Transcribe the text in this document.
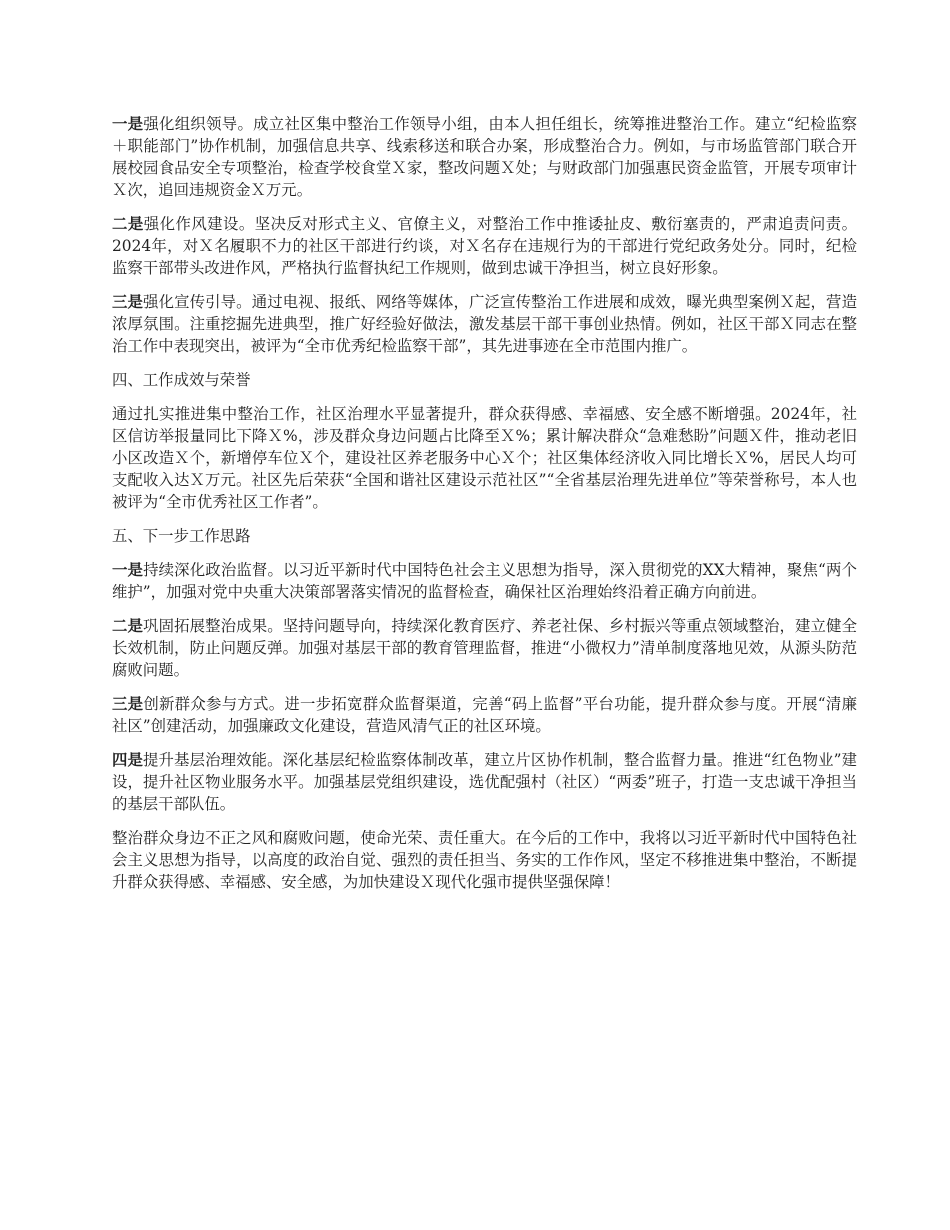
一是强化组织领导。成立社区集中整治工作领导小组，由本人担任组长，统筹推进整治工作。建立“纪检监察＋职能部门”协作机制，加强信息共享、线索移送和联合办案，形成整治合力。例如，与市场监管部门联合开展校园食品安全专项整治，检查学校食堂Ｘ家，整改问题Ｘ处；与财政部门加强惠民资金监管，开展专项审计Ｘ次，追回违规资金Ｘ万元。

二是强化作风建设。坚决反对形式主义、官僚主义，对整治工作中推诿扯皮、敷衍塞责的，严肃追责问责。2024年，对Ｘ名履职不力的社区干部进行约谈，对Ｘ名存在违规行为的干部进行党纪政务处分。同时，纪检监察干部带头改进作风，严格执行监督执纪工作规则，做到忠诚干净担当，树立良好形象。

三是强化宣传引导。通过电视、报纸、网络等媒体，广泛宣传整治工作进展和成效，曝光典型案例Ｘ起，营造浓厚氛围。注重挖掘先进典型，推广好经验好做法，激发基层干部干事创业热情。例如，社区干部Ｘ同志在整治工作中表现突出，被评为“全市优秀纪检监察干部”，其先进事迹在全市范围内推广。

四、工作成效与荣誉

通过扎实推进集中整治工作，社区治理水平显著提升，群众获得感、幸福感、安全感不断增强。2024年，社区信访举报量同比下降Ｘ%，涉及群众身边问题占比降至Ｘ%；累计解决群众“急难愁盼”问题Ｘ件，推动老旧小区改造Ｘ个，新增停车位Ｘ个，建设社区养老服务中心Ｘ个；社区集体经济收入同比增长Ｘ%，居民人均可支配收入达Ｘ万元。社区先后荣获“全国和谐社区建设示范社区”“全省基层治理先进单位”等荣誉称号，本人也被评为“全市优秀社区工作者”。

五、下一步工作思路

一是持续深化政治监督。以习近平新时代中国特色社会主义思想为指导，深入贯彻党的XX大精神，聚焦“两个维护”，加强对党中央重大决策部署落实情况的监督检查，确保社区治理始终沿着正确方向前进。

二是巩固拓展整治成果。坚持问题导向，持续深化教育医疗、养老社保、乡村振兴等重点领域整治，建立健全长效机制，防止问题反弹。加强对基层干部的教育管理监督，推进“小微权力”清单制度落地见效，从源头防范腐败问题。

三是创新群众参与方式。进一步拓宽群众监督渠道，完善“码上监督”平台功能，提升群众参与度。开展“清廉社区”创建活动，加强廉政文化建设，营造风清气正的社区环境。

四是提升基层治理效能。深化基层纪检监察体制改革，建立片区协作机制，整合监督力量。推进“红色物业”建设，提升社区物业服务水平。加强基层党组织建设，选优配强村（社区）“两委”班子，打造一支忠诚干净担当的基层干部队伍。

整治群众身边不正之风和腐败问题，使命光荣、责任重大。在今后的工作中，我将以习近平新时代中国特色社会主义思想为指导，以高度的政治自觉、强烈的责任担当、务实的工作作风，坚定不移推进集中整治，不断提升群众获得感、幸福感、安全感，为加快建设Ｘ现代化强市提供坚强保障！
